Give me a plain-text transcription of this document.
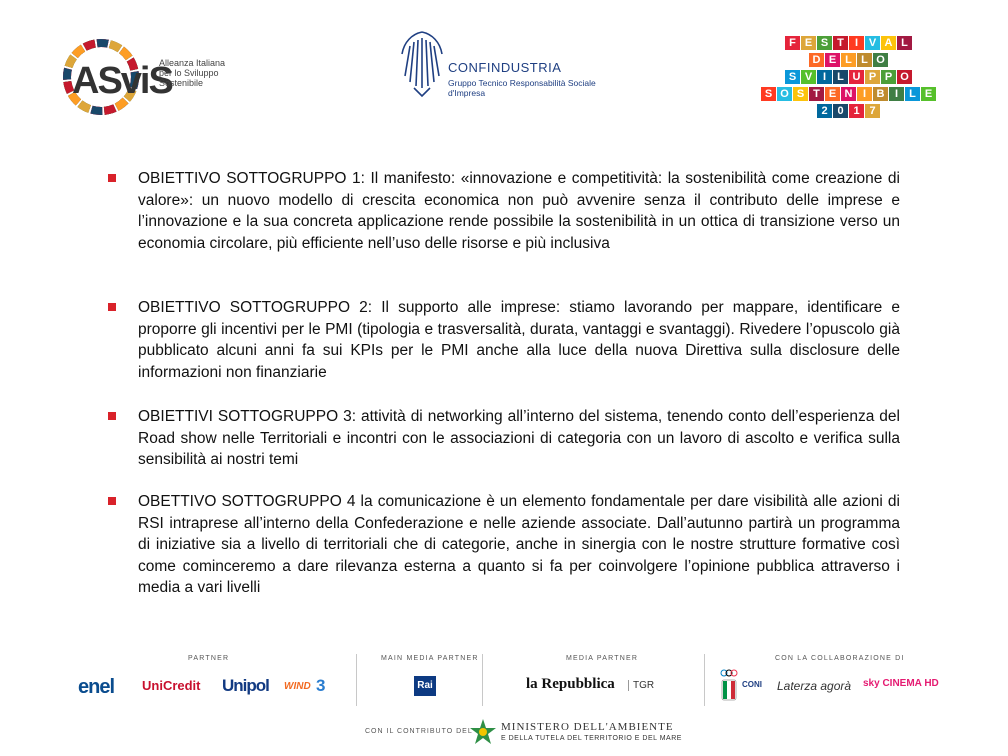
ASviS
Alleanza Italiana per lo Sviluppo Sostenibile
CONFINDUSTRIA
Gruppo Tecnico Responsabilità Sociale d'Impresa
F E S T	I V A L
D E L L O
S V I	L U P P O
S O S T E N I B I	L E
2 0 1 7

OBIETTIVO SOTTOGRUPPO 1: Il manifesto: «innovazione e competitività: la sostenibilità come creazione di valore»: un nuovo modello di crescita economica non può avvenire senza il contributo delle imprese e l’innovazione e la sua concreta applicazione rende possibile la sostenibilità in un ottica di transizione verso un economia circolare, più efficiente nell’uso delle risorse e più inclusiva

OBIETTIVO SOTTOGRUPPO 2: Il supporto alle imprese: stiamo lavorando per mappare, identificare e proporre gli incentivi per le PMI (tipologia e trasversalità, durata, vantaggi e svantaggi). Rivedere l’opuscolo già pubblicato alcuni anni fa sui KPIs per le PMI anche alla luce della nuova Direttiva sulla disclosure delle informazioni non finanziarie

OBIETTIVI SOTTOGRUPPO 3: attività di networking all’interno del sistema, tenendo conto dell’esperienza del Road show nelle Territoriali e incontri con le associazioni di categoria con un lavoro di ascolto e verifica sulla sensibilità ai nostri temi

OBETTIVO SOTTOGRUPPO 4 la comunicazione è un elemento fondamentale per dare visibilità alle azioni di RSI intraprese all’interno della Confederazione e nelle aziende associate. Dall’autunno partirà un programma di iniziative sia a livello di territoriali che di categorie, anche in sinergia con le nostre strutture formative così come cominceremo a dare rilevanza esterna a quanto si fa per coinvolgere l’opinione pubblica attraverso i media a vari livelli

PARTNER
enel UniCredit Unipol WIND 3
MAIN MEDIA PARTNER
Rai
MEDIA PARTNER
la Repubblica	TGR
CON LA COLLABORAZIONE DI
CONI Laterza agorà sky CINEMA HD
CON IL CONTRIBUTO DEL	MINISTERO DELL'AMBIENTE
E DELLA TUTELA DEL TERRITORIO E DEL MARE
